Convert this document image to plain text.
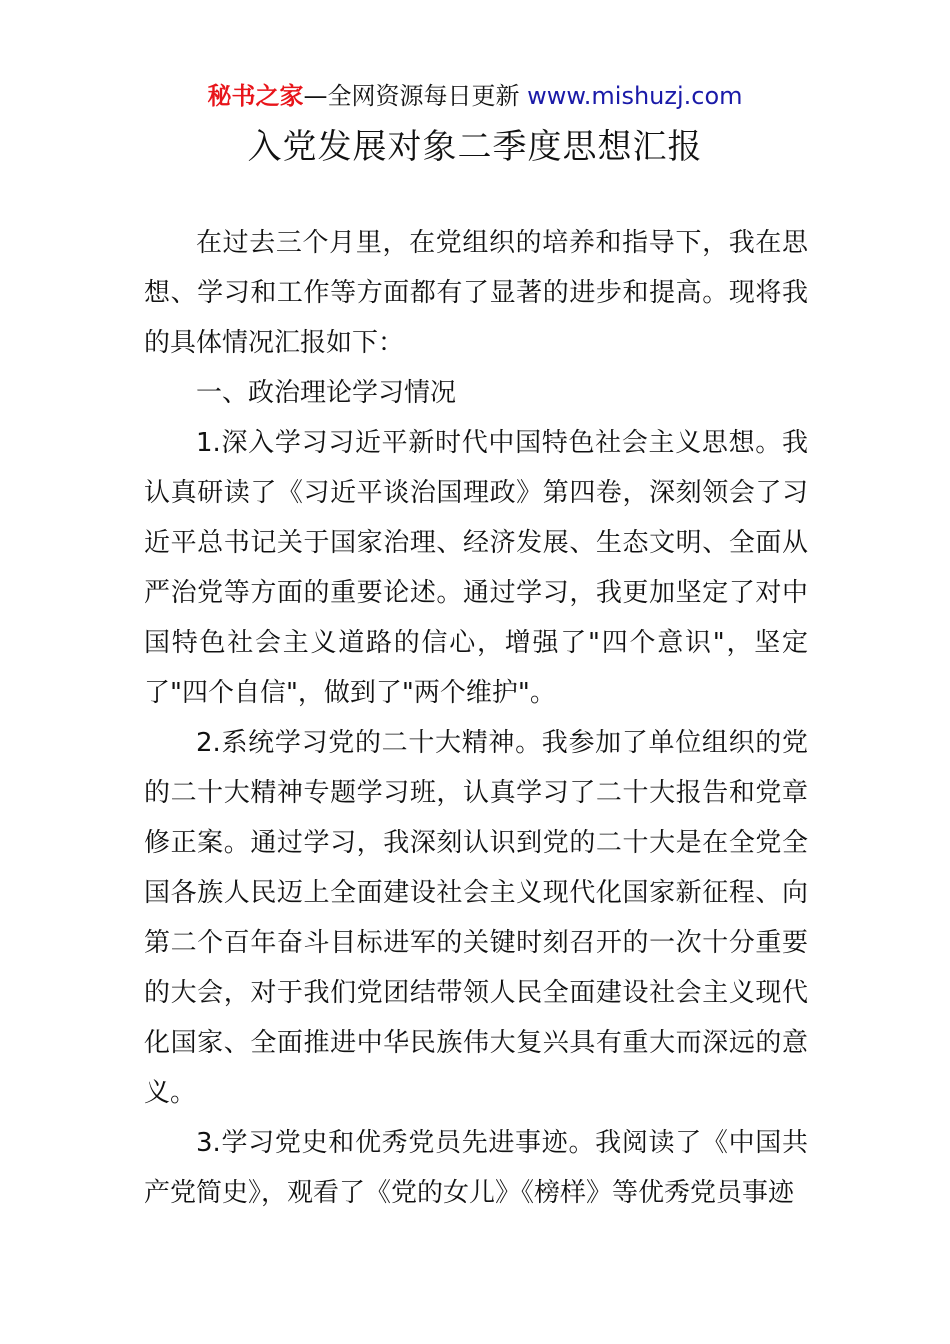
秘书之家—全网资源每日更新 www.mishuzj.com
入党发展对象二季度思想汇报

在过去三个月里，在党组织的培养和指导下，我在思想、学习和工作等方面都有了显著的进步和提高。现将我的具体情况汇报如下：

一、政治理论学习情况

1.深入学习习近平新时代中国特色社会主义思想。我认真研读了《习近平谈治国理政》第四卷，深刻领会了习近平总书记关于国家治理、经济发展、生态文明、全面从严治党等方面的重要论述。通过学习，我更加坚定了对中国特色社会主义道路的信心，增强了"四个意识"，坚定了"四个自信"，做到了"两个维护"。

2.系统学习党的二十大精神。我参加了单位组织的党的二十大精神专题学习班，认真学习了二十大报告和党章修正案。通过学习，我深刻认识到党的二十大是在全党全国各族人民迈上全面建设社会主义现代化国家新征程、向第二个百年奋斗目标进军的关键时刻召开的一次十分重要的大会，对于我们党团结带领人民全面建设社会主义现代化国家、全面推进中华民族伟大复兴具有重大而深远的意义。

3.学习党史和优秀党员先进事迹。我阅读了《中国共产党简史》，观看了《党的女儿》《榜样》等优秀党员事迹
